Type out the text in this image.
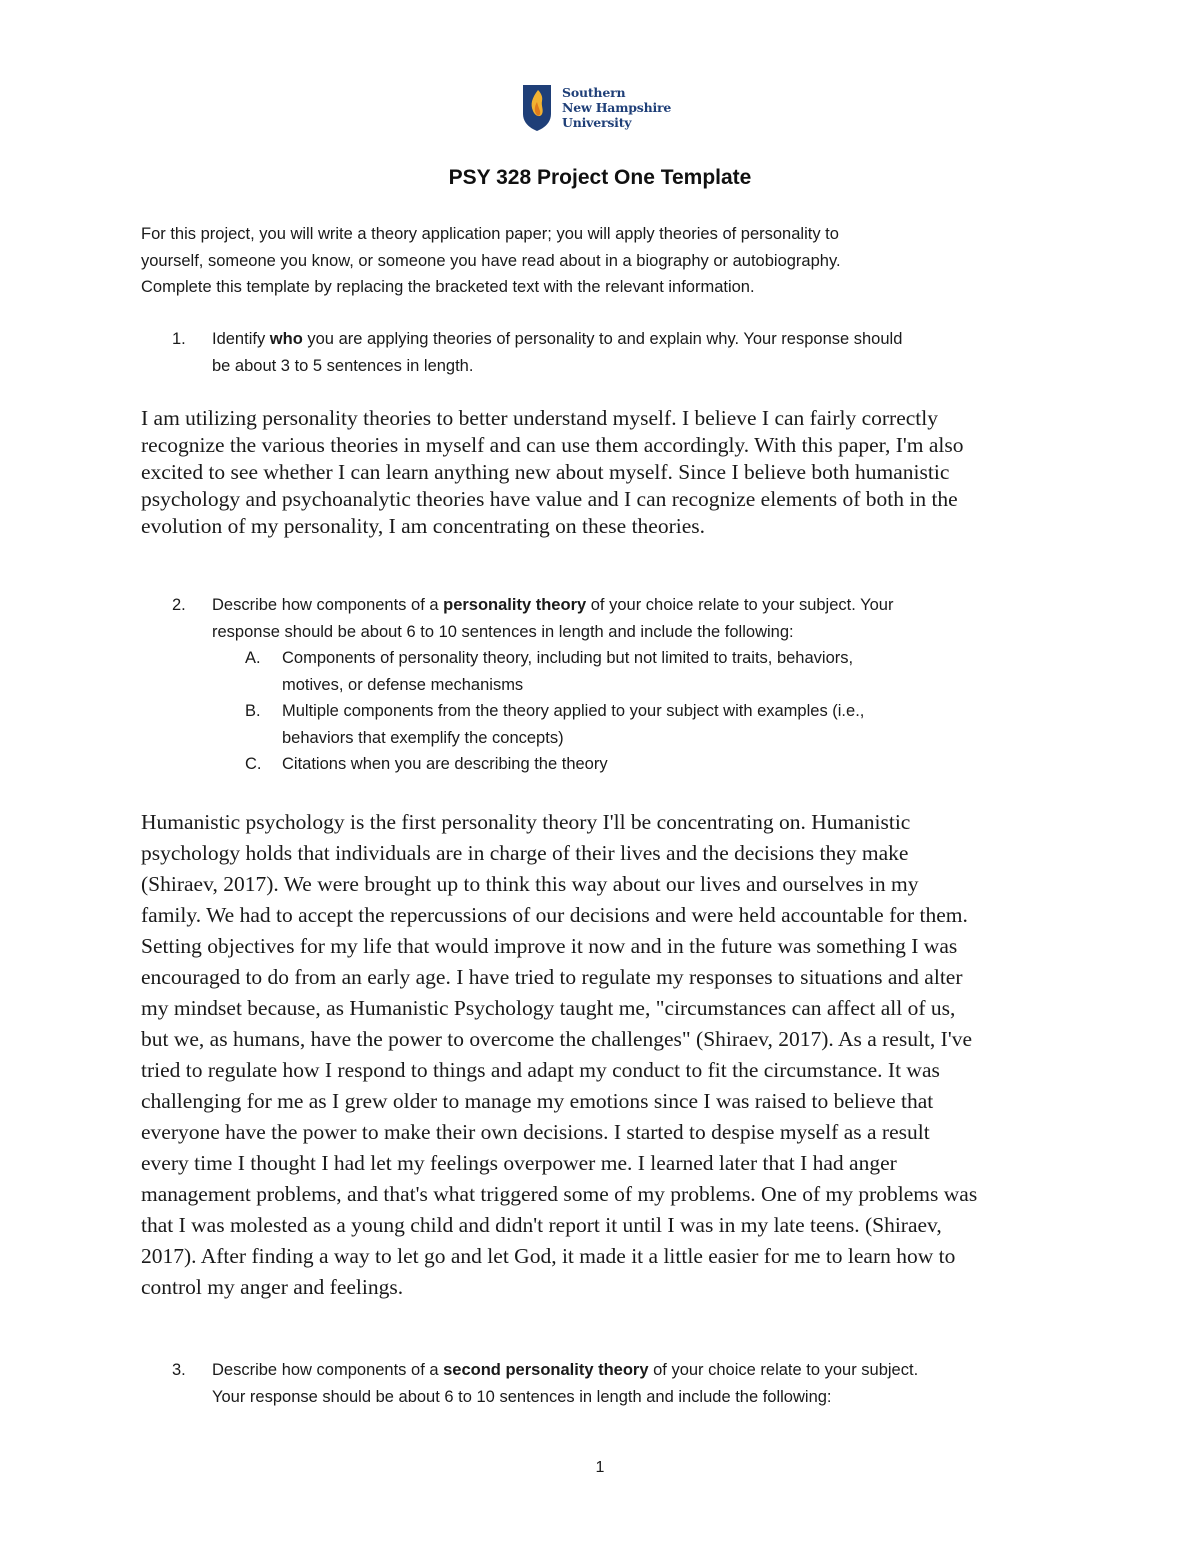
Southern
New Hampshire
University
PSY 328 Project One Template
For this project, you will write a theory application paper; you will apply theories of personality to
yourself, someone you know, or someone you have read about in a biography or autobiography.
Complete this template by replacing the bracketed text with the relevant information.
1. Identify who you are applying theories of personality to and explain why. Your response should
be about 3 to 5 sentences in length.
I am utilizing personality theories to better understand myself. I believe I can fairly correctly
recognize the various theories in myself and can use them accordingly. With this paper, I'm also
excited to see whether I can learn anything new about myself. Since I believe both humanistic
psychology and psychoanalytic theories have value and I can recognize elements of both in the
evolution of my personality, I am concentrating on these theories.
2. Describe how components of a personality theory of your choice relate to your subject. Your
response should be about 6 to 10 sentences in length and include the following:
A. Components of personality theory, including but not limited to traits, behaviors,
motives, or defense mechanisms
B. Multiple components from the theory applied to your subject with examples (i.e.,
behaviors that exemplify the concepts)
C. Citations when you are describing the theory
Humanistic psychology is the first personality theory I'll be concentrating on. Humanistic
psychology holds that individuals are in charge of their lives and the decisions they make
(Shiraev, 2017). We were brought up to think this way about our lives and ourselves in my
family. We had to accept the repercussions of our decisions and were held accountable for them.
Setting objectives for my life that would improve it now and in the future was something I was
encouraged to do from an early age. I have tried to regulate my responses to situations and alter
my mindset because, as Humanistic Psychology taught me, "circumstances can affect all of us,
but we, as humans, have the power to overcome the challenges" (Shiraev, 2017). As a result, I've
tried to regulate how I respond to things and adapt my conduct to fit the circumstance. It was
challenging for me as I grew older to manage my emotions since I was raised to believe that
everyone have the power to make their own decisions. I started to despise myself as a result
every time I thought I had let my feelings overpower me. I learned later that I had anger
management problems, and that's what triggered some of my problems. One of my problems was
that I was molested as a young child and didn't report it until I was in my late teens. (Shiraev,
2017). After finding a way to let go and let God, it made it a little easier for me to learn how to
control my anger and feelings.
3. Describe how components of a second personality theory of your choice relate to your subject.
Your response should be about 6 to 10 sentences in length and include the following:
1
